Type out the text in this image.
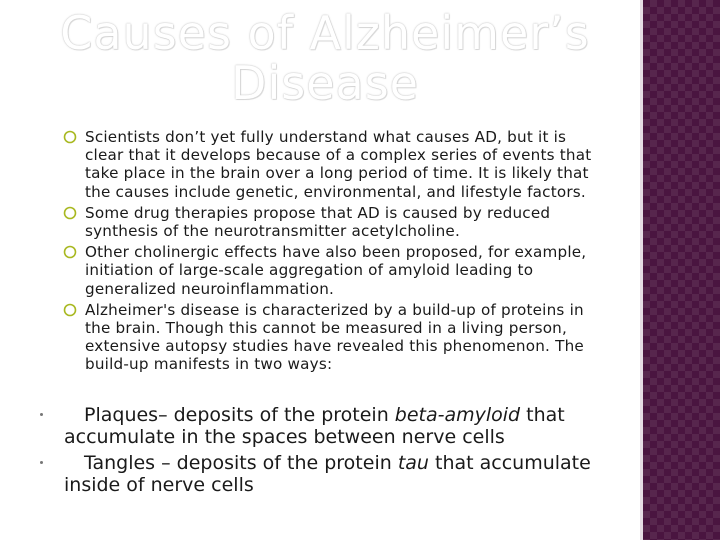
Causes of Alzheimer’s Disease
Scientists don’t yet fully understand what causes AD, but it is clear that it develops because of a complex series of events that take place in the brain over a long period of time. It is likely that the causes include genetic, environmental, and lifestyle factors.
Some drug therapies propose that AD is caused by reduced synthesis of the neurotransmitter acetylcholine.
Other cholinergic effects have also been proposed, for example, initiation of large-scale aggregation of amyloid leading to generalized neuroinflammation.
Alzheimer's disease is characterized by a build-up of proteins in the brain. Though this cannot be measured in a living person, extensive autopsy studies have revealed this phenomenon. The build-up manifests in two ways:
Plaques– deposits of the protein beta-amyloid that accumulate in the spaces between nerve cells
Tangles – deposits of the protein tau that accumulate inside of nerve cells
